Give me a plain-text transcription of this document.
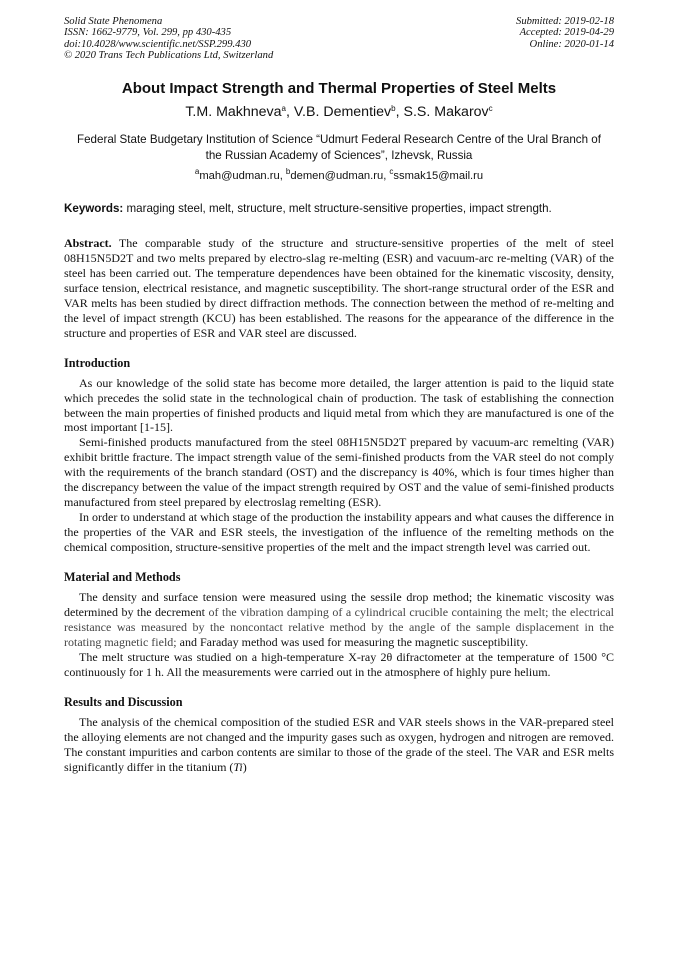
Solid State Phenomena
ISSN: 1662-9779, Vol. 299, pp 430-435
doi:10.4028/www.scientific.net/SSP.299.430
© 2020 Trans Tech Publications Ltd, Switzerland
Submitted: 2019-02-18
Accepted: 2019-04-29
Online: 2020-01-14
About Impact Strength and Thermal Properties of Steel Melts
T.M. Makhneva$^a$, V.B. Dementiev$^b$, S.S. Makarov$^c$
Federal State Budgetary Institution of Science “Udmurt Federal Research Centre of the Ural Branch of the Russian Academy of Sciences”, Izhevsk, Russia
$^a$mah@udman.ru, $^b$demen@udman.ru, $^c$ssmak15@mail.ru
Keywords: maraging steel, melt, structure, melt structure-sensitive properties, impact strength.

Abstract. The comparable study of the structure and structure-sensitive properties of the melt of steel 08H15N5D2T and two melts prepared by electro-slag re-melting (ESR) and vacuum-arc re-melting (VAR) of the steel has been carried out. The temperature dependences have been obtained for the kinematic viscosity, density, surface tension, electrical resistance, and magnetic susceptibility. The short-range structural order of the ESR and VAR melts has been studied by direct diffraction methods. The connection between the method of re-melting and the level of impact strength (KCU) has been established. The reasons for the appearance of the difference in the structure and properties of ESR and VAR steel are discussed.

Introduction

As our knowledge of the solid state has become more detailed, the larger attention is paid to the liquid state which precedes the solid state in the technological chain of production. The task of establishing the connection between the main properties of finished products and liquid metal from which they are manufactured is one of the most important [1-15].

Semi-finished products manufactured from the steel 08H15N5D2T prepared by vacuum-arc remelting (VAR) exhibit brittle fracture. The impact strength value of the semi-finished products from the VAR steel do not comply with the requirements of the branch standard (OST) and the discrepancy is 40%, which is four times higher than the discrepancy between the value of the impact strength required by OST and the value of semi-finished products manufactured from steel prepared by electroslag remelting (ESR).

In order to understand at which stage of the production the instability appears and what causes the difference in the properties of the VAR and ESR steels, the investigation of the influence of the remelting methods on the chemical composition, structure-sensitive properties of the melt and the impact strength level was carried out.

Material and Methods

The density and surface tension were measured using the sessile drop method; the kinematic viscosity was determined by the decrement of the vibration damping of a cylindrical crucible containing the melt; the electrical resistance was measured by the noncontact relative method by the angle of the sample displacement in the rotating magnetic field; and Faraday method was used for measuring the magnetic susceptibility.

The melt structure was studied on a high-temperature X-ray 2θ difractometer at the temperature of 1500 °C continuously for 1 h. All the measurements were carried out in the atmosphere of highly pure helium.

Results and Discussion

The analysis of the chemical composition of the studied ESR and VAR steels shows in the VAR-prepared steel the alloying elements are not changed and the impurity gases such as oxygen, hydrogen and nitrogen are removed. The constant impurities and carbon contents are similar to those of the grade of the steel. The VAR and ESR melts significantly differ in the titanium (Ti)
